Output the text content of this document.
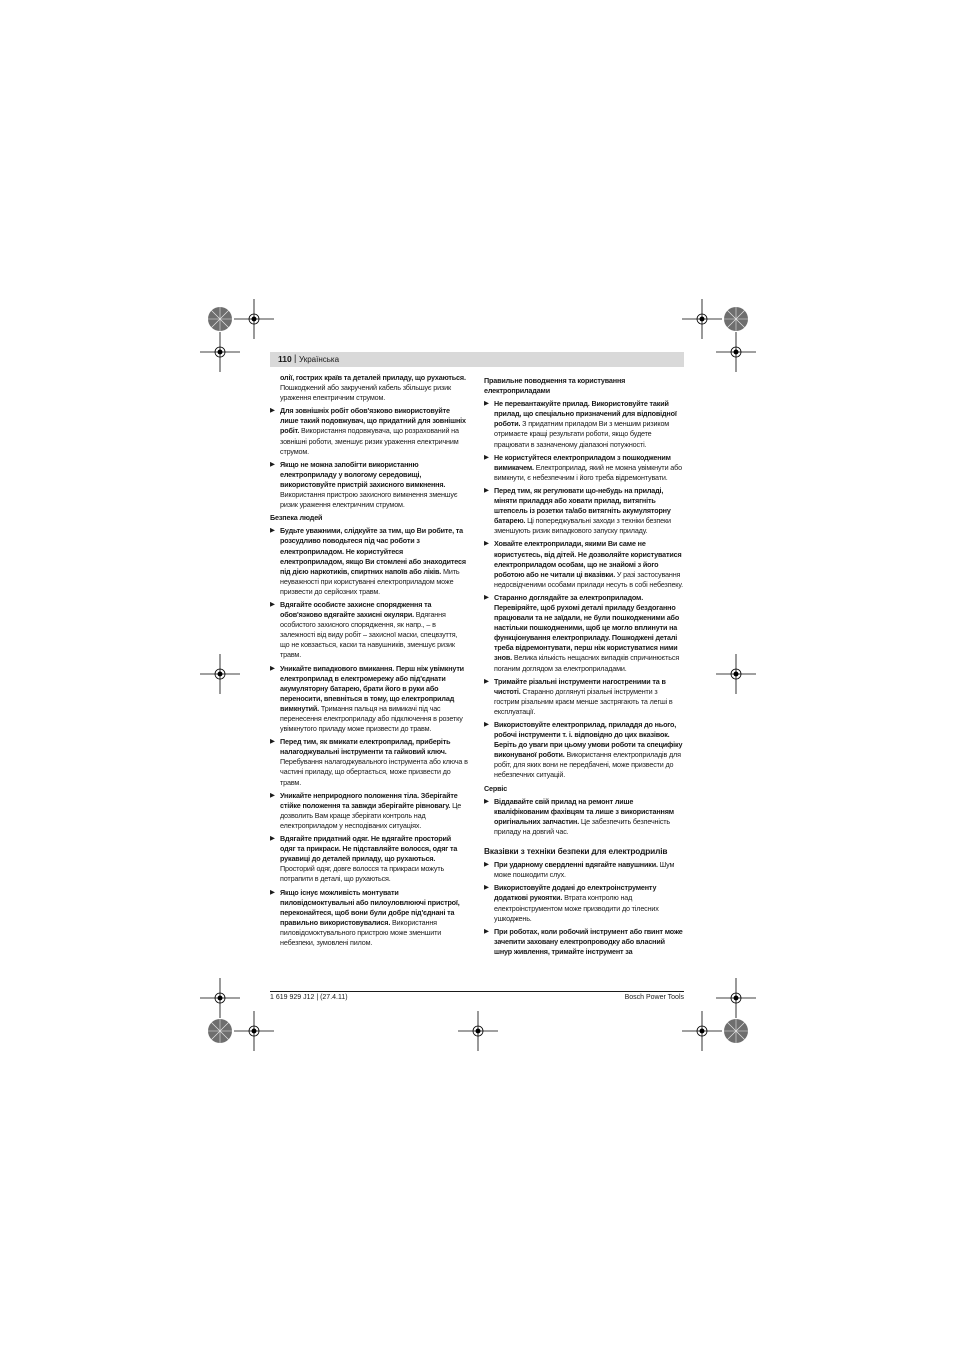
110 | Українська
олії, гострих країв та деталей приладу, що рухаються. Пошкоджений або закручений кабель збільшує ризик ураження електричним струмом.
▶ Для зовнішніх робіт обов'язково використовуйте лише такий подовжувач, що придатний для зовнішніх робіт. Використання подовжувача, що розрахований на зовнішні роботи, зменшує ризик ураження електричним струмом.
▶ Якщо не можна запобігти використанню електроприладу у вологому середовищі, використовуйте пристрій захисного вимкнення. Використання пристрою захисного вимкнення зменшує ризик ураження електричним струмом.
Безпека людей
▶ Будьте уважними, слідкуйте за тим, що Ви робите, та розсудливо поводьтеся під час роботи з електроприладом. Не користуйтеся електроприладом, якщо Ви стомлені або знаходитеся під дією наркотиків, спиртних напоїв або ліків. Мить неуважності при користуванні електроприладом може призвести до серйозних травм.
▶ Вдягайте особисте захисне спорядження та обов'язково вдягайте захисні окуляри. Вдягання особистого захисного спорядження, як напр., – в залежності від виду робіт – захисної маски, спецвзуття, що не ковзається, каски та навушників, зменшує ризик травм.
▶ Уникайте випадкового вмикання. Перш ніж увімкнути електроприлад в електромережу або під'єднати акумуляторну батарею, брати його в руки або переносити, впевніться в тому, що електроприлад вимкнутий. Тримання пальця на вимикачі під час перенесення електроприладу або підключення в розетку увімкнутого приладу може призвести до травм.
▶ Перед тим, як вмикати електроприлад, приберіть налагоджувальні інструменти та гайковий ключ. Перебування налагоджувального інструмента або ключа в частині приладу, що обертається, може призвести до травм.
▶ Уникайте неприродного положення тіла. Зберігайте стійке положення та завжди зберігайте рівновагу. Це дозволить Вам краще зберігати контроль над електроприладом у несподіваних ситуаціях.
▶ Вдягайте придатний одяг. Не вдягайте просторий одяг та прикраси. Не підставляйте волосся, одяг та рукавиці до деталей приладу, що рухаються. Просторий одяг, довге волосся та прикраси можуть потрапити в деталі, що рухаються.
▶ Якщо існує можливість монтувати пиловідсмоктувальні або пилоуловлюючі пристрої, переконайтеся, щоб вони були добре під'єднані та правильно використовувалися. Використання пиловідсмоктувального пристрою може зменшити небезпеки, зумовлені пилом.
Правильне поводження та користування електроприладами
▶ Не перевантажуйте прилад. Використовуйте такий прилад, що спеціально призначений для відповідної роботи. З придатним приладом Ви з меншим ризиком отримаєте кращі результати роботи, якщо будете працювати в зазначеному діапазоні потужності.
▶ Не користуйтеся електроприладом з пошкодженим вимикачем. Електроприлад, який не можна увімкнути або вимкнути, є небезпечним і його треба відремонтувати.
▶ Перед тим, як регулювати що-небудь на приладі, міняти приладдя або ховати прилад, витягніть штепсель із розетки та/або витягніть акумуляторну батарею. Ці попереджувальні заходи з техніки безпеки зменшують ризик випадкового запуску приладу.
▶ Ховайте електроприлади, якими Ви саме не користуєтесь, від дітей. Не дозволяйте користуватися електроприладом особам, що не знайомі з його роботою або не читали ці вказівки. У разі застосування недосвідченими особами прилади несуть в собі небезпеку.
▶ Старанно доглядайте за електроприладом. Перевіряйте, щоб рухомі деталі приладу бездоганно працювали та не заїдали, не були пошкодженими або настільки пошкодженими, щоб це могло вплинути на функціонування електроприладу. Пошкоджені деталі треба відремонтувати, перш ніж користуватися ними знов. Велика кількість нещасних випадків спричинюється поганим доглядом за електроприладами.
▶ Тримайте різальні інструменти нагостреними та в чистоті. Старанно доглянуті різальні інструменти з гострим різальним краєм менше застрягають та легші в експлуатації.
▶ Використовуйте електроприлад, приладдя до нього, робочі інструменти т. і. відповідно до цих вказівок. Беріть до уваги при цьому умови роботи та специфіку виконуваної роботи. Використання електроприладів для робіт, для яких вони не передбачені, може призвести до небезпечних ситуацій.
Сервіс
▶ Віддавайте свій прилад на ремонт лише кваліфікованим фахівцям та лише з використанням оригінальних запчастин. Це забезпечить безпечність приладу на довгий час.
Вказівки з техніки безпеки для електродрилів
▶ При ударному свердленні вдягайте навушники. Шум може пошкодити слух.
▶ Використовуйте додані до електроінструменту додаткові рукоятки. Втрата контролю над електроінструментом може призводити до тілесних ушкоджень.
▶ При роботах, коли робочий інструмент або гвинт може зачепити заховану електропроводку або власний шнур живлення, тримайте інструмент за
1 619 929 J12 | (27.4.11)	Bosch Power Tools
